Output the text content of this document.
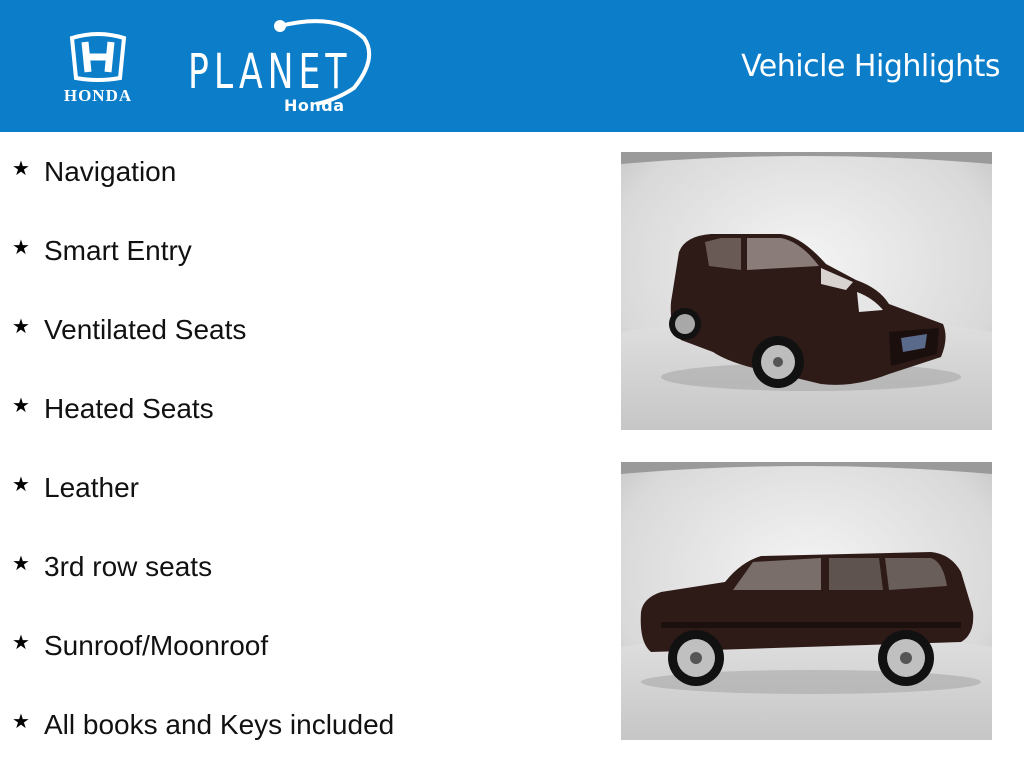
HONDA	PLANET
Honda
Vehicle Highlights
★ Navigation
★ Smart Entry
★ Ventilated Seats
★ Heated Seats
★ Leather
★ 3rd row seats
★ Sunroof/Moonroof
★ All books and Keys included
